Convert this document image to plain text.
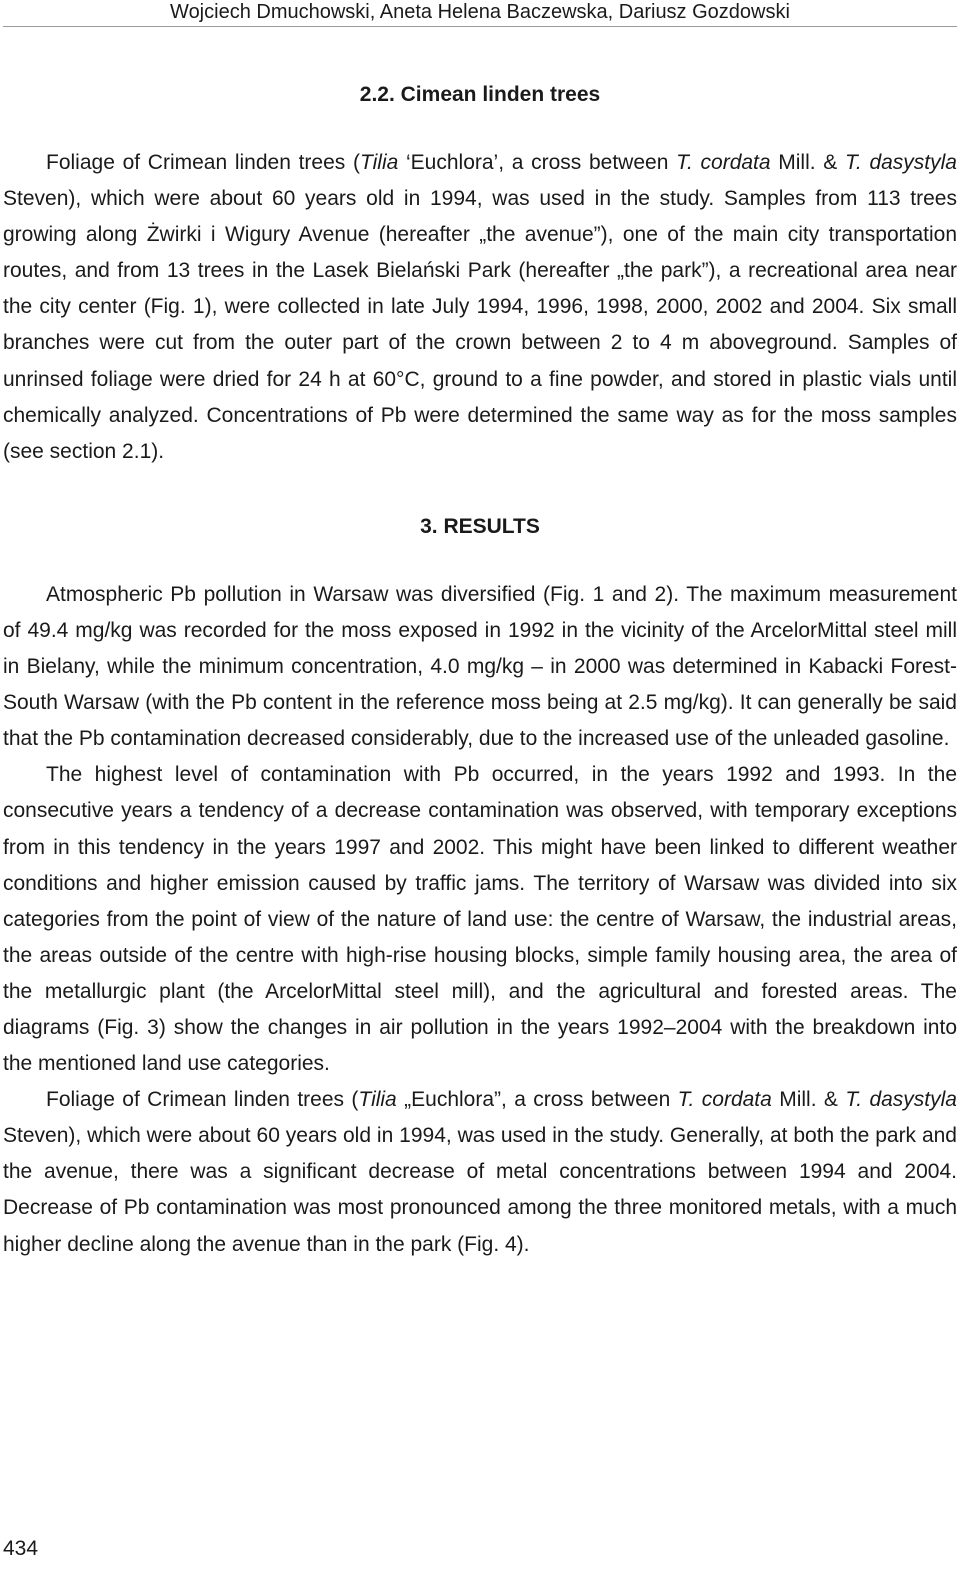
Wojciech Dmuchowski, Aneta Helena Baczewska, Dariusz Gozdowski
2.2. Cimean linden trees

Foliage of Crimean linden trees (Tilia ‘Euchlora’, a cross between T. cordata Mill. & T. dasystyla Steven), which were about 60 years old in 1994, was used in the study. Samples from 113 trees growing along Żwirki i Wigury Avenue (hereafter „the avenue”), one of the main city transportation routes, and from 13 trees in the Lasek Bielański Park (hereafter „the park”), a recreational area near the city center (Fig. 1), were collected in late July 1994, 1996, 1998, 2000, 2002 and 2004. Six small branches were cut from the outer part of the crown between 2 to 4 m aboveground. Samples of unrinsed foliage were dried for 24 h at 60°C, ground to a fine powder, and stored in plastic vials until chemically analyzed. Concentrations of Pb were determined the same way as for the moss samples (see section 2.1).

3. RESULTS

Atmospheric Pb pollution in Warsaw was diversified (Fig. 1 and 2). The maximum measurement of 49.4 mg/kg was recorded for the moss exposed in 1992 in the vicinity of the ArcelorMittal steel mill in Bielany, while the minimum concentration, 4.0 mg/kg – in 2000 was determined in Kabacki Forest-South Warsaw (with the Pb content in the reference moss being at 2.5 mg/kg). It can generally be said that the Pb contamination decreased considerably, due to the increased use of the unleaded gasoline.

The highest level of contamination with Pb occurred, in the years 1992 and 1993. In the consecutive years a tendency of a decrease contamination was observed, with temporary exceptions from in this tendency in the years 1997 and 2002. This might have been linked to different weather conditions and higher emission caused by traffic jams. The territory of Warsaw was divided into six categories from the point of view of the nature of land use: the centre of Warsaw, the industrial areas, the areas outside of the centre with high-rise housing blocks, simple family housing area, the area of the metallurgic plant (the ArcelorMittal steel mill), and the agricultural and forested areas. The diagrams (Fig. 3) show the changes in air pollution in the years 1992–2004 with the breakdown into the mentioned land use categories.

Foliage of Crimean linden trees (Tilia „Euchlora”, a cross between T. cordata Mill. & T. dasystyla Steven), which were about 60 years old in 1994, was used in the study. Generally, at both the park and the avenue, there was a significant decrease of metal concentrations between 1994 and 2004. Decrease of Pb contamination was most pronounced among the three monitored metals, with a much higher decline along the avenue than in the park (Fig. 4).

434
